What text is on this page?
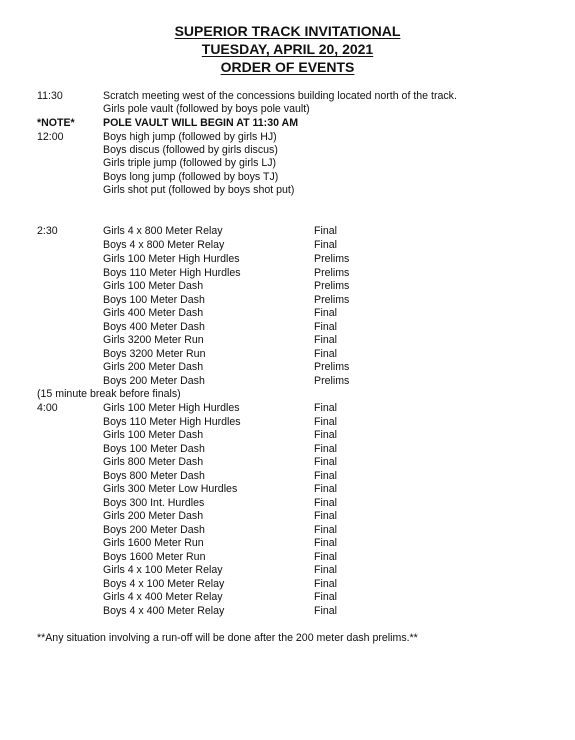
SUPERIOR TRACK INVITATIONAL
TUESDAY, APRIL 20, 2021
ORDER OF EVENTS
11:30	Scratch meeting west of the concessions building located north of the track.
Girls pole vault (followed by boys pole vault)
*NOTE*	POLE VAULT WILL BEGIN AT 11:30 AM
12:00	Boys high jump (followed by girls HJ)
Boys discus (followed by girls discus)
Girls triple jump (followed by girls LJ)
Boys long jump (followed by boys TJ)
Girls shot put (followed by boys shot put)
2:30	Girls 4 x 800 Meter Relay	Final
Boys 4 x 800 Meter Relay	Final
Girls 100 Meter High Hurdles	Prelims
Boys 110 Meter High Hurdles	Prelims
Girls 100 Meter Dash	Prelims
Boys 100 Meter Dash	Prelims
Girls 400 Meter Dash	Final
Boys 400 Meter Dash	Final
Girls 3200 Meter Run	Final
Boys 3200 Meter Run	Final
Girls 200 Meter Dash	Prelims
Boys 200 Meter Dash	Prelims
(15 minute break before finals)
4:00	Girls 100 Meter High Hurdles	Final
Boys 110 Meter High Hurdles	Final
Girls 100 Meter Dash	Final
Boys 100 Meter Dash	Final
Girls 800 Meter Dash	Final
Boys 800 Meter Dash	Final
Girls 300 Meter Low Hurdles	Final
Boys 300 Int. Hurdles	Final
Girls 200 Meter Dash	Final
Boys 200 Meter Dash	Final
Girls 1600 Meter Run	Final
Boys 1600 Meter Run	Final
Girls 4 x 100 Meter Relay	Final
Boys 4 x 100 Meter Relay	Final
Girls 4 x 400 Meter Relay	Final
Boys 4 x 400 Meter Relay	Final
**Any situation involving a run-off will be done after the 200 meter dash prelims.**
